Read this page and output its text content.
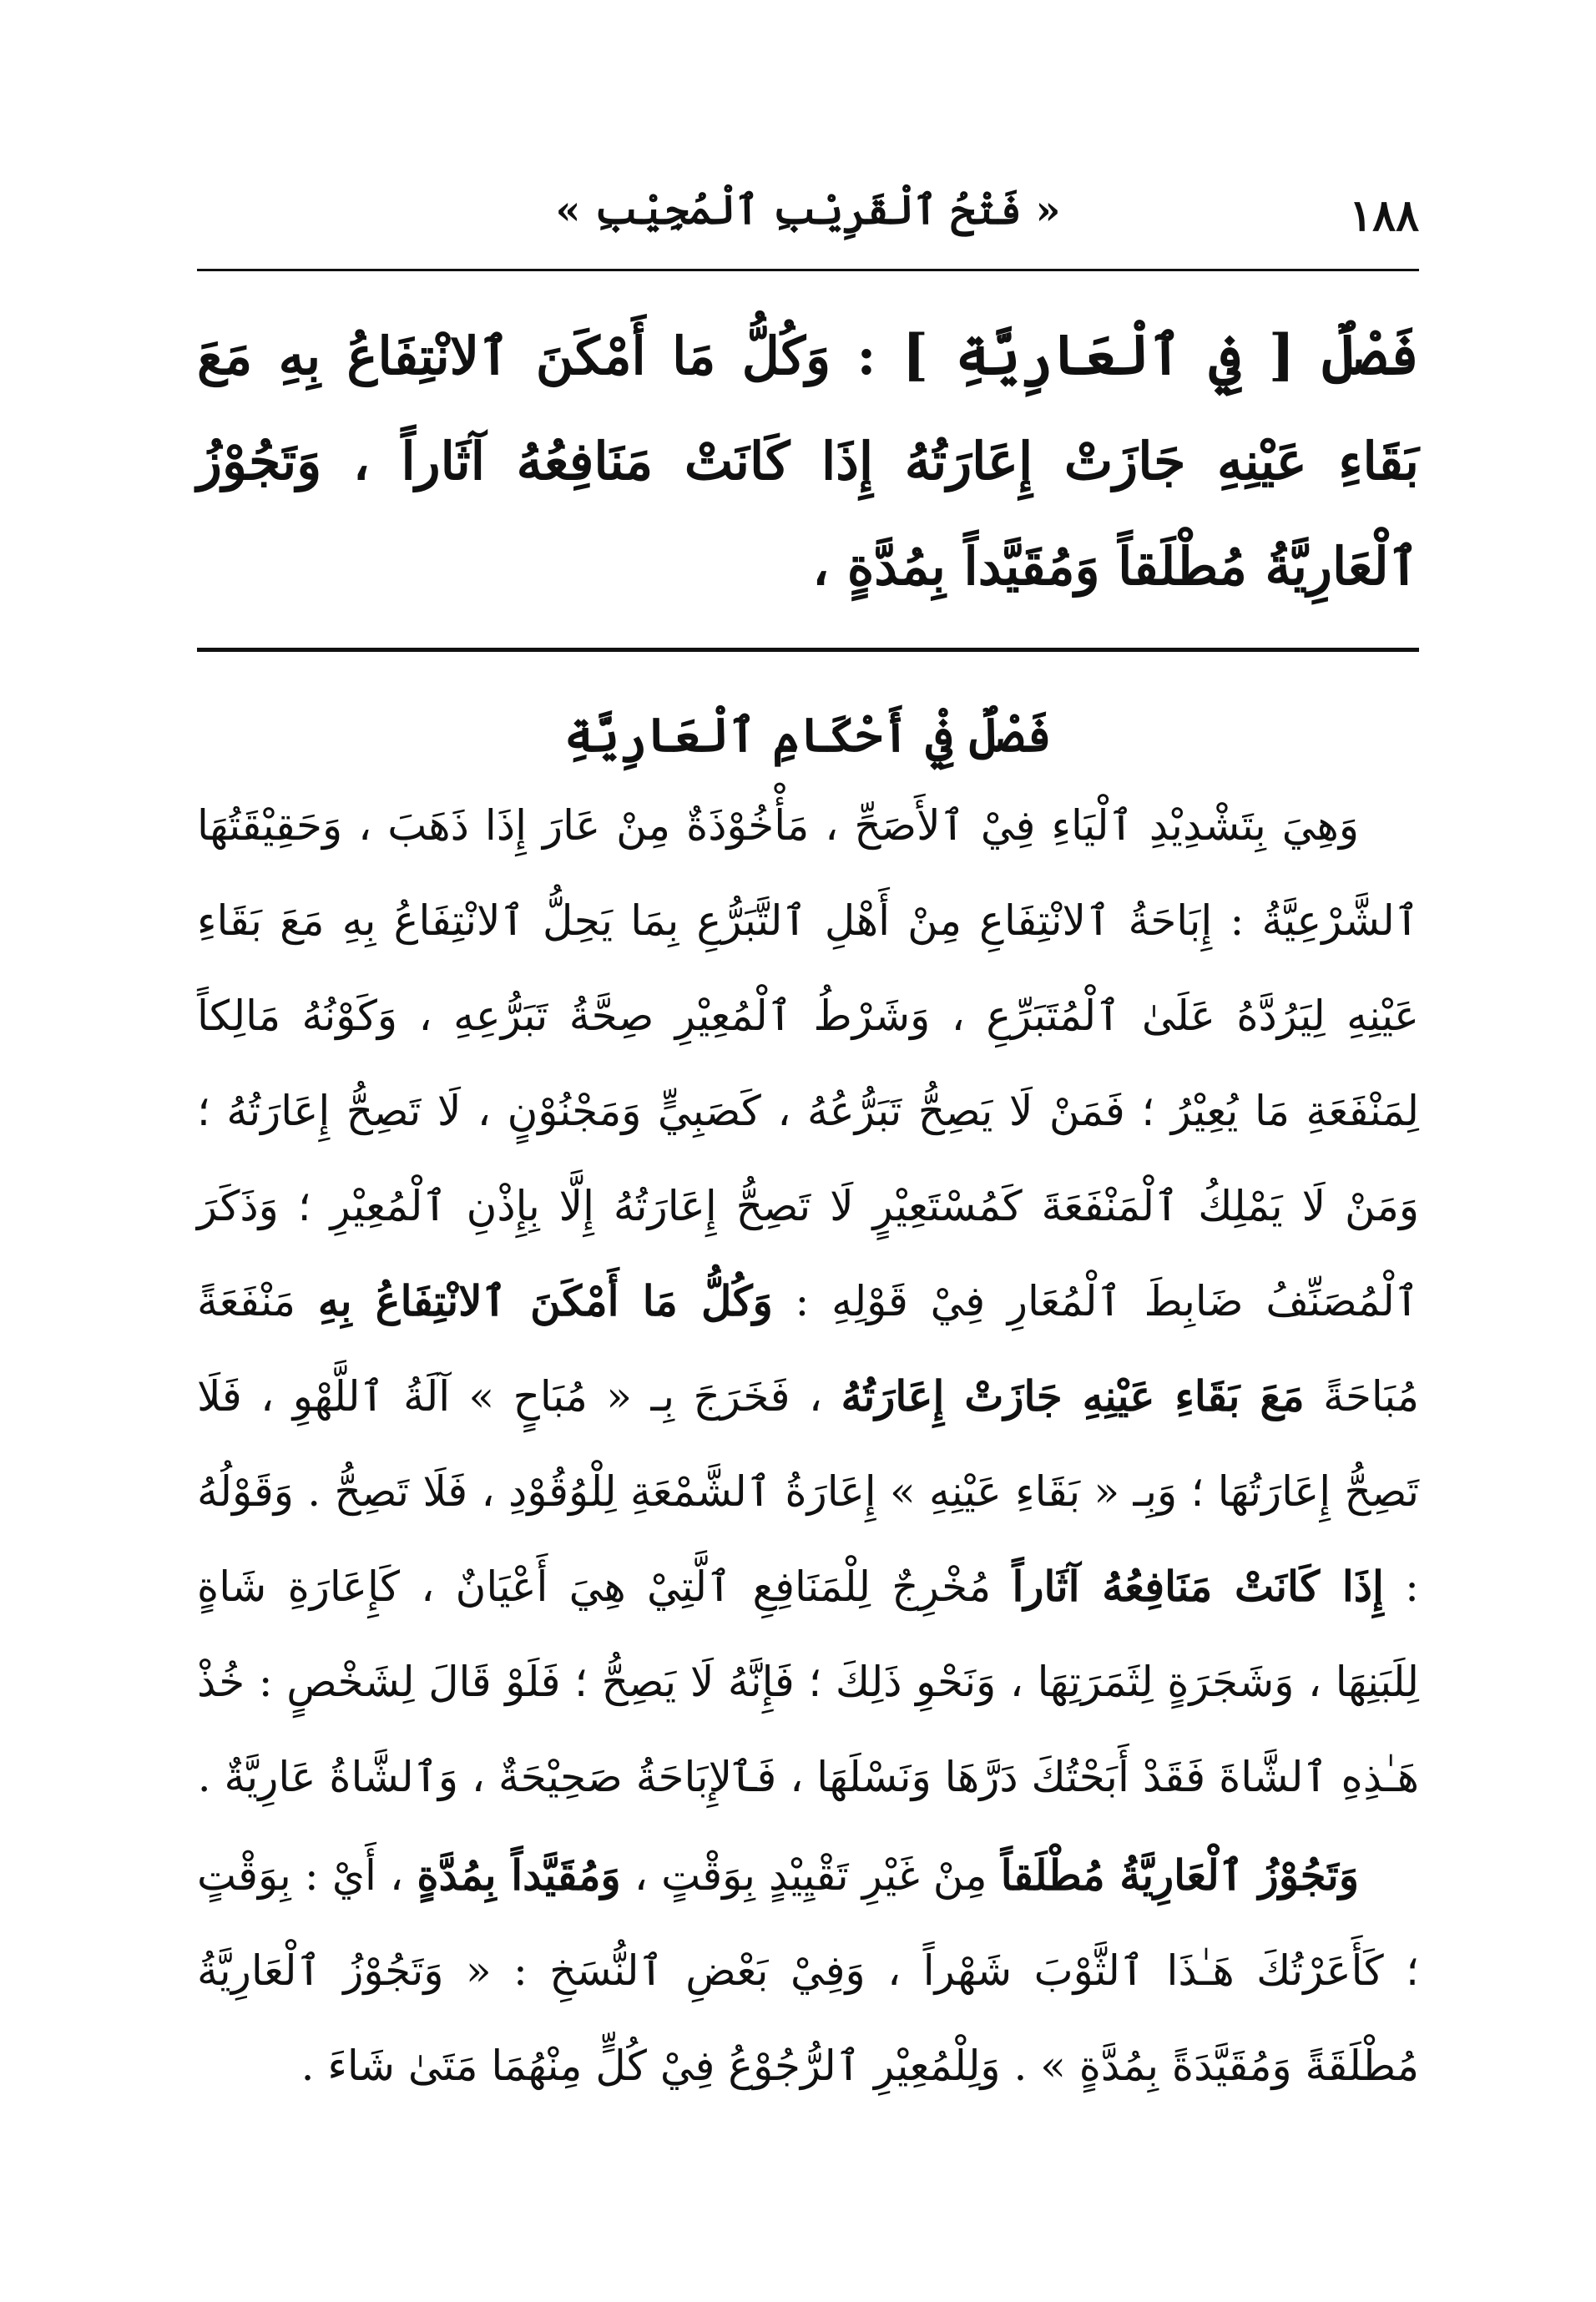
١٨٨
« فَتْحُ ٱلْقَرِيْبِ ٱلْمُجِيْبِ »
فَصْلٌ [ فِي ٱلْعَارِيَّةِ ] : وَكُلُّ مَا أَمْكَنَ ٱلانْتِفَاعُ بِهِ مَعَ بَقَاءِ عَيْنِهِ جَازَتْ إِعَارَتُهُ إِذَا كَانَتْ مَنَافِعُهُ آثَاراً ، وَتَجُوْزُ ٱلْعَارِيَّةُ مُطْلَقاً وَمُقَيَّداً بِمُدَّةٍ ،
فَصْلٌ فِيْ أَحْكَامِ ٱلْعَارِيَّةِ

وَهِيَ بِتَشْدِيْدِ ٱلْيَاءِ فِيْ ٱلأَصَحِّ ، مَأْخُوْذَةٌ مِنْ عَارَ إِذَا ذَهَبَ ، وَحَقِيْقَتُهَا ٱلشَّرْعِيَّةُ : إِبَاحَةُ ٱلانْتِفَاعِ مِنْ أَهْلِ ٱلتَّبَرُّعِ بِمَا يَحِلُّ ٱلانْتِفَاعُ بِهِ مَعَ بَقَاءِ عَيْنِهِ لِيَرُدَّهُ عَلَىٰ ٱلْمُتَبَرِّعِ ، وَشَرْطُ ٱلْمُعِيْرِ صِحَّةُ تَبَرُّعِهِ ، وَكَوْنُهُ مَالِكاً لِمَنْفَعَةِ مَا يُعِيْرُ ؛ فَمَنْ لَا يَصِحُّ تَبَرُّعُهُ ، كَصَبِيٍّ وَمَجْنُوْنٍ ، لَا تَصِحُّ إِعَارَتُهُ ؛ وَمَنْ لَا يَمْلِكُ ٱلْمَنْفَعَةَ كَمُسْتَعِيْرٍ لَا تَصِحُّ إِعَارَتُهُ إِلَّا بِإِذْنِ ٱلْمُعِيْرِ ؛ وَذَكَرَ ٱلْمُصَنِّفُ ضَابِطَ ٱلْمُعَارِ فِيْ قَوْلِهِ : وَكُلُّ مَا أَمْكَنَ ٱلانْتِفَاعُ بِهِ مَنْفَعَةً مُبَاحَةً مَعَ بَقَاءِ عَيْنِهِ جَازَتْ إِعَارَتُهُ ، فَخَرَجَ بِـ « مُبَاحٍ » آلَةُ ٱللَّهْوِ ، فَلَا تَصِحُّ إِعَارَتُهَا ؛ وَبِـ « بَقَاءِ عَيْنِهِ » إِعَارَةُ ٱلشَّمْعَةِ لِلْوُقُوْدِ ، فَلَا تَصِحُّ . وَقَوْلُهُ : إِذَا كَانَتْ مَنَافِعُهُ آثَاراً مُخْرِجٌ لِلْمَنَافِعِ ٱلَّتِيْ هِيَ أَعْيَانٌ ، كَإِعَارَةِ شَاةٍ لِلَبَنِهَا ، وَشَجَرَةٍ لِثَمَرَتِهَا ، وَنَحْوِ ذَلِكَ ؛ فَإِنَّهُ لَا يَصِحُّ ؛ فَلَوْ قَالَ لِشَخْصٍ : خُذْ هَـٰذِهِ ٱلشَّاةَ فَقَدْ أَبَحْتُكَ دَرَّهَا وَنَسْلَهَا ، فَٱلإِبَاحَةُ صَحِيْحَةٌ ، وَٱلشَّاةُ عَارِيَّةٌ .

وَتَجُوْزُ ٱلْعَارِيَّةُ مُطْلَقاً مِنْ غَيْرِ تَقْيِيْدٍ بِوَقْتٍ ، وَمُقَيَّداً بِمُدَّةٍ ، أَيْ : بِوَقْتٍ ؛ كَأَعَرْتُكَ هَـٰذَا ٱلثَّوْبَ شَهْراً ، وَفِيْ بَعْضِ ٱلنُّسَخِ : « وَتَجُوْزُ ٱلْعَارِيَّةُ مُطْلَقَةً وَمُقَيَّدَةً بِمُدَّةٍ » . وَلِلْمُعِيْرِ ٱلرُّجُوْعُ فِيْ كُلٍّ مِنْهُمَا مَتَىٰ شَاءَ .
